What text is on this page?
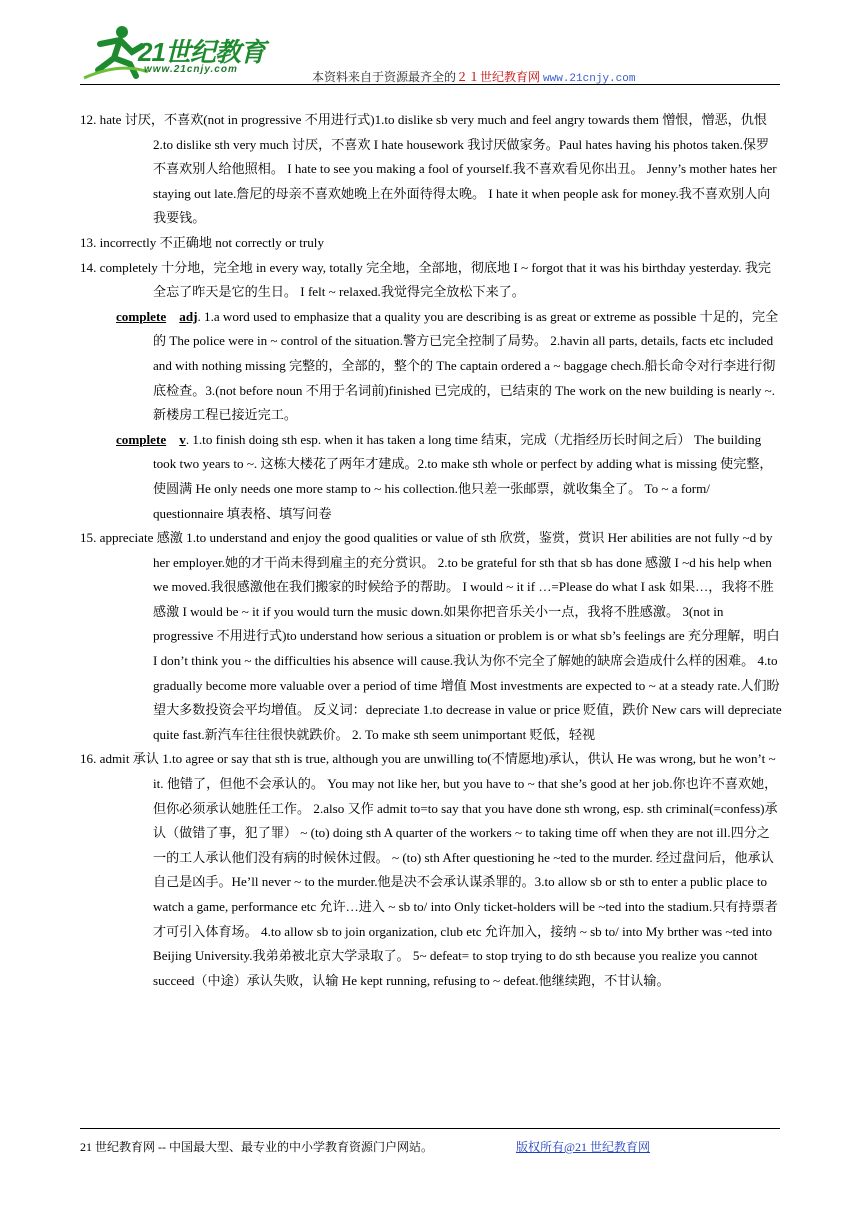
21世纪教育
www.21cnjy.com
本资料来自于资源最齐全的２１世纪教育网 www.21cnjy.com

12. hate 讨厌，不喜欢(not in progressive 不用进行式)1.to dislike sb very much and feel angry towards them 憎恨，憎恶，仇恨 2.to dislike sth very much 讨厌，不喜欢 I hate housework 我讨厌做家务。Paul hates having his photos taken.保罗不喜欢别人给他照相。 I hate to see you making a fool of yourself.我不喜欢看见你出丑。 Jenny’s mother hates her staying out late.詹尼的母亲不喜欢她晚上在外面待得太晚。 I hate it when people ask for money.我不喜欢别人向我要钱。

13. incorrectly 不正确地 not correctly or truly

14. completely 十分地，完全地 in every way, totally 完全地，全部地，彻底地 I ~ forgot that it was his birthday yesterday. 我完全忘了昨天是它的生日。 I felt ~ relaxed.我觉得完全放松下来了。

complete adj. 1.a word used to emphasize that a quality you are describing is as great or extreme as possible 十足的，完全的 The police were in ~ control of the situation.警方已完全控制了局势。 2.havin all parts, details, facts etc included and with nothing missing 完整的，全部的，整个的 The captain ordered a ~ baggage chech.船长命令对行李进行彻底检查。3.(not before noun 不用于名词前)finished 已完成的，已结束的 The work on the new building is nearly ~.新楼房工程已接近完工。

complete v. 1.to finish doing sth esp. when it has taken a long time 结束，完成（尤指经历长时间之后） The building took two years to ~. 这栋大楼花了两年才建成。2.to make sth whole or perfect by adding what is missing 使完整，使圆满 He only needs one more stamp to ~ his collection.他只差一张邮票，就收集全了。 To ~ a form/ questionnaire 填表格、填写问卷

15. appreciate 感激 1.to understand and enjoy the good qualities or value of sth 欣赏，鉴赏，赏识 Her abilities are not fully ~d by her employer.她的才干尚未得到雇主的充分赏识。 2.to be grateful for sth that sb has done 感激 I ~d his help when we moved.我很感激他在我们搬家的时候给予的帮助。 I would ~ it if …=Please do what I ask 如果…，我将不胜感激 I would be ~ it if you would turn the music down.如果你把音乐关小一点，我将不胜感激。 3(not in progressive 不用进行式)to understand how serious a situation or problem is or what sb’s feelings are 充分理解，明白 I don’t think you ~ the difficulties his absence will cause.我认为你不完全了解她的缺席会造成什么样的困难。 4.to gradually become more valuable over a period of time 增值 Most investments are expected to ~ at a steady rate.人们盼望大多数投资会平均增值。 反义词：depreciate 1.to decrease in value or price 贬值，跌价 New cars will depreciate quite fast.新汽车往往很快就跌价。 2. To make sth seem unimportant 贬低，轻视

16. admit 承认 1.to agree or say that sth is true, although you are unwilling to(不情愿地)承认，供认 He was wrong, but he won’t ~ it. 他错了，但他不会承认的。 You may not like her, but you have to ~ that she’s good at her job.你也许不喜欢她，但你必须承认她胜任工作。 2.also 又作 admit to=to say that you have done sth wrong, esp. sth criminal(=confess)承认（做错了事，犯了罪） ~ (to) doing sth A quarter of the workers ~ to taking time off when they are not ill.四分之一的工人承认他们没有病的时候休过假。 ~ (to) sth After questioning he ~ted to the murder. 经过盘问后，他承认自己是凶手。He’ll never ~ to the murder.他是决不会承认谋杀罪的。3.to allow sb or sth to enter a public place to watch a game, performance etc 允许…进入 ~ sb to/ into Only ticket-holders will be ~ted into the stadium.只有持票者才可引入体育场。 4.to allow sb to join organization, club etc 允许加入，接纳 ~ sb to/ into My brther was ~ted into Beijing University.我弟弟被北京大学录取了。 5~ defeat= to stop trying to do sth because you realize you cannot succeed（中途）承认失败，认输 He kept running, refusing to ~ defeat.他继续跑，不甘认输。

21 世纪教育网 -- 中国最大型、最专业的中小学教育资源门户网站。	版权所有@21 世纪教育网
